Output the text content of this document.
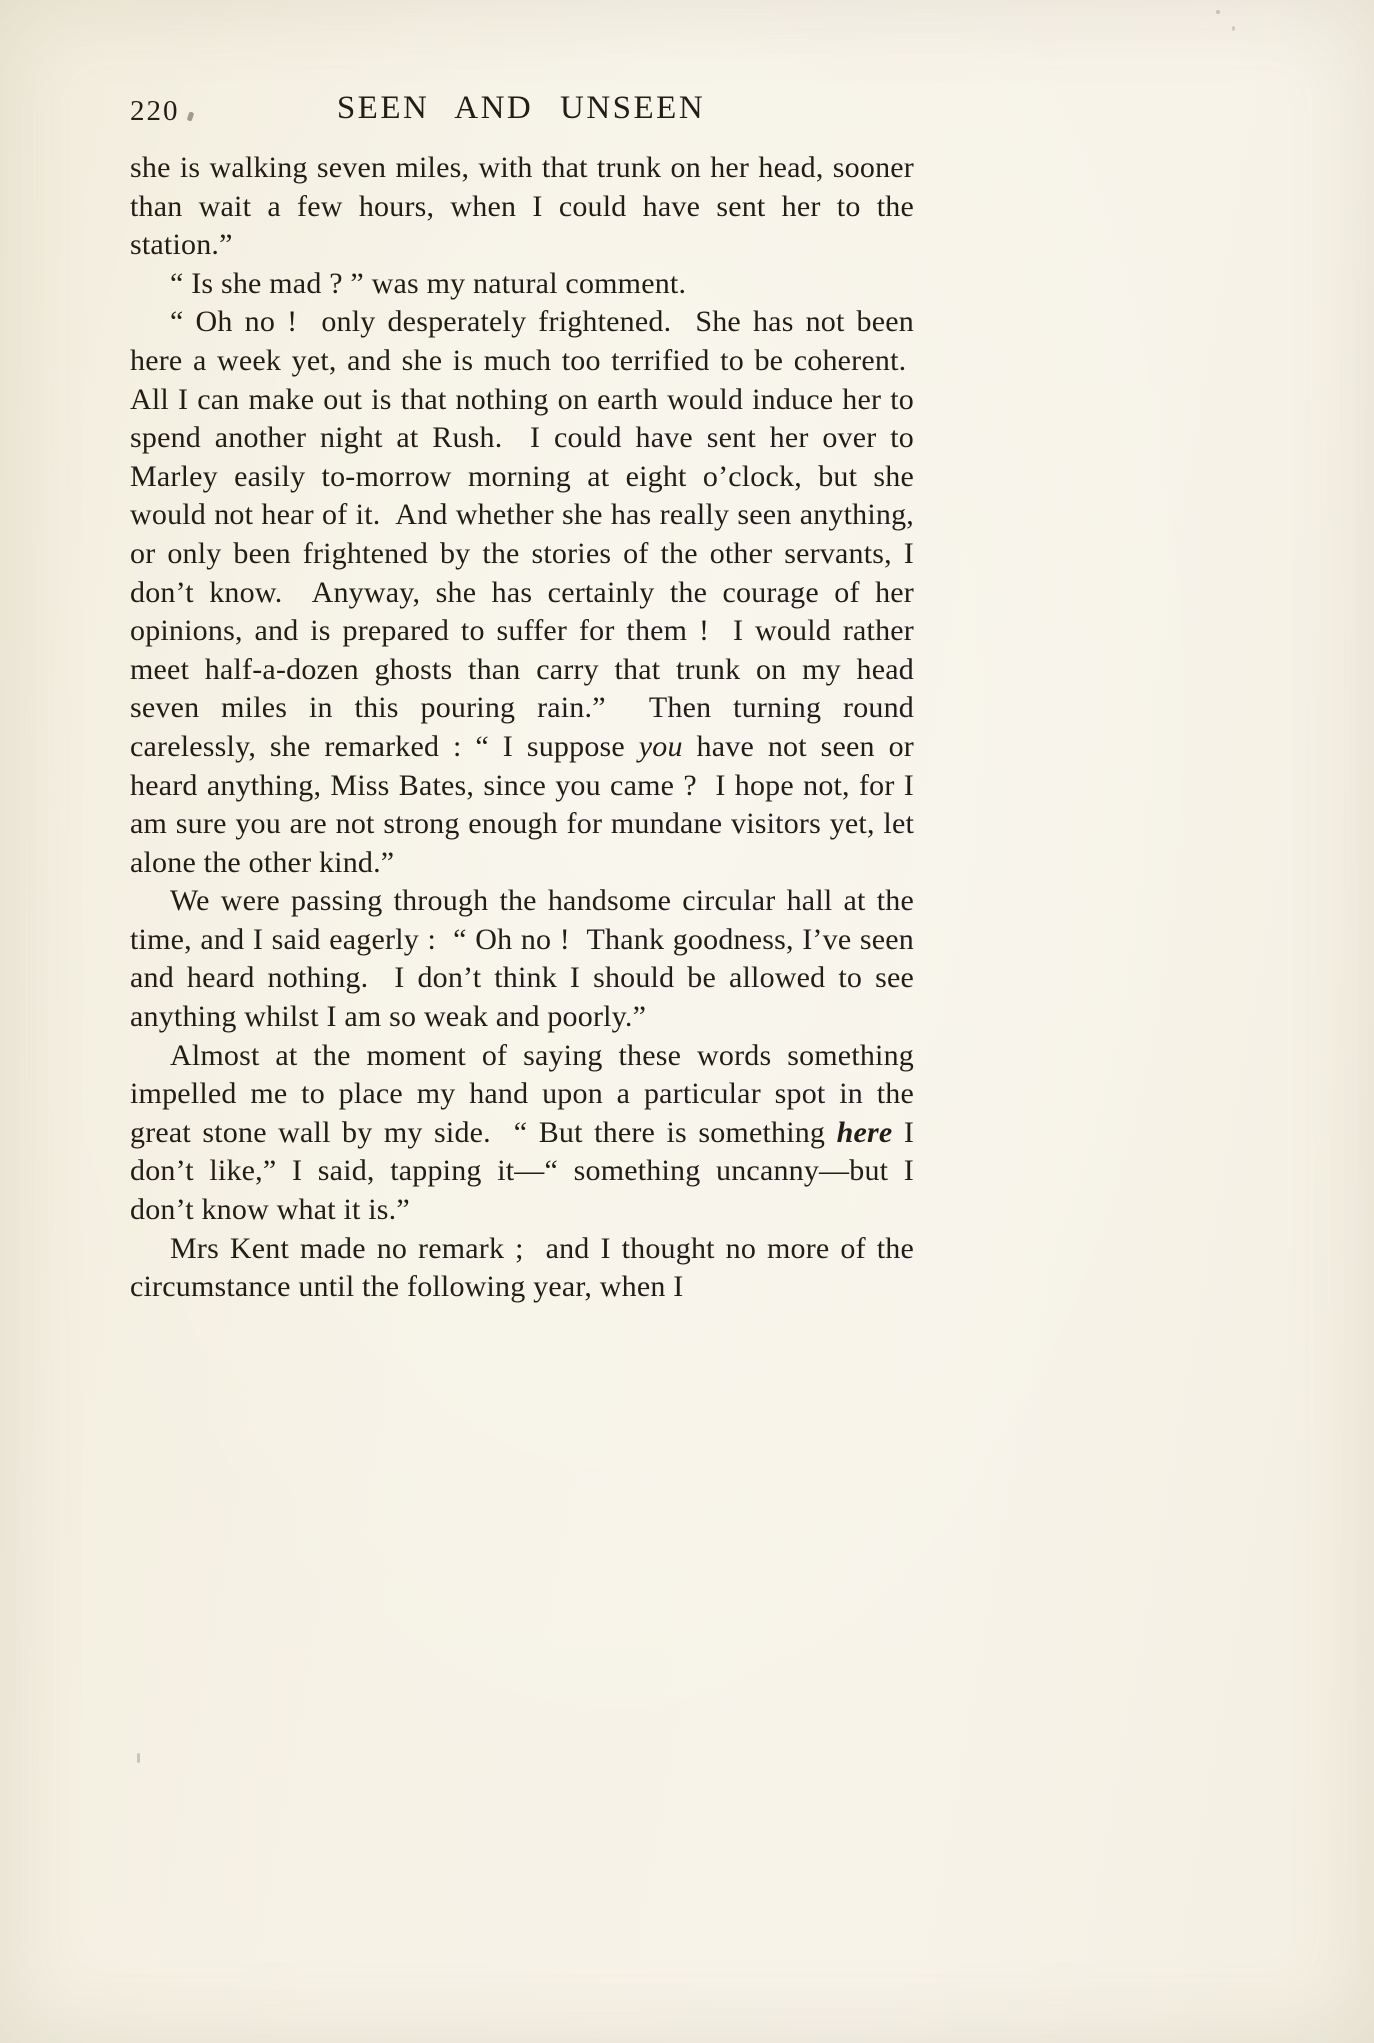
220	SEEN AND UNSEEN

she is walking seven miles, with that trunk on her head, sooner than wait a few hours, when I could have sent her to the station.”

“ Is she mad ? ” was my natural comment.

“ Oh no !  only desperately frightened.  She has not been here a week yet, and she is much too terrified to be coherent.  All I can make out is that nothing on earth would induce her to spend another night at Rush.  I could have sent her over to Marley easily to-morrow morning at eight o’clock, but she would not hear of it.  And whether she has really seen anything, or only been frightened by the stories of the other servants, I don’t know.  Anyway, she has certainly the courage of her opinions, and is prepared to suffer for them !  I would rather meet half-a-dozen ghosts than carry that trunk on my head seven miles in this pouring rain.”  Then turning round carelessly, she remarked : “ I suppose you have not seen or heard anything, Miss Bates, since you came ?  I hope not, for I am sure you are not strong enough for mundane visitors yet, let alone the other kind.”

We were passing through the handsome circular hall at the time, and I said eagerly :  “ Oh no !  Thank goodness, I’ve seen and heard nothing.  I don’t think I should be allowed to see anything whilst I am so weak and poorly.”

Almost at the moment of saying these words something impelled me to place my hand upon a particular spot in the great stone wall by my side.  “ But there is something here I don’t like,” I said, tapping it—“ something uncanny—but I don’t know what it is.”

Mrs Kent made no remark ;  and I thought no more of the circumstance until the following year, when I
